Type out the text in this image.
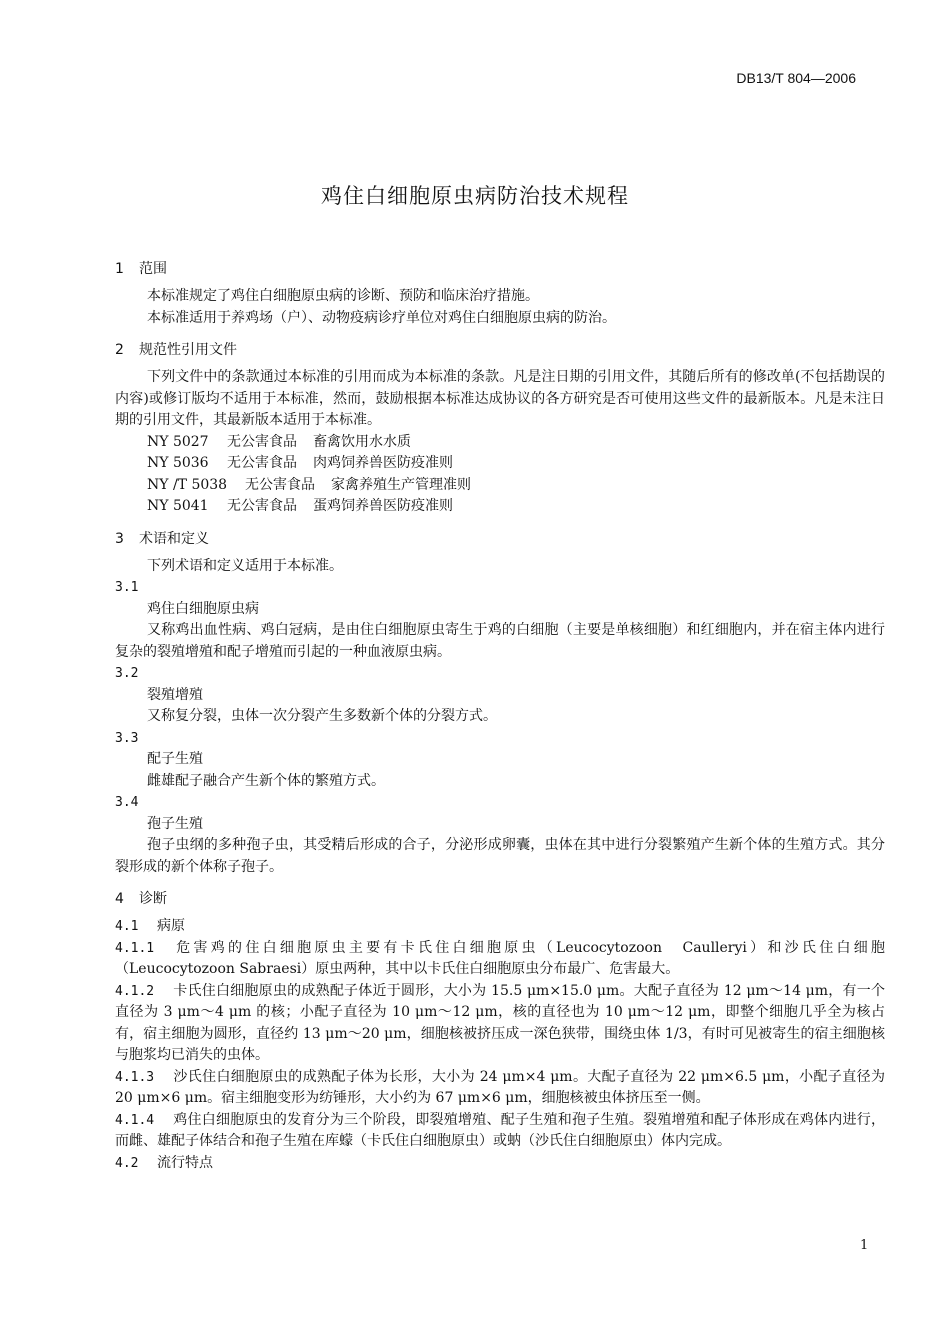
DB13/T 804—2006
鸡住白细胞原虫病防治技术规程

1 范围

本标准规定了鸡住白细胞原虫病的诊断、预防和临床治疗措施。

本标准适用于养鸡场（户）、动物疫病诊疗单位对鸡住白细胞原虫病的防治。

2 规范性引用文件

下列文件中的条款通过本标准的引用而成为本标准的条款。凡是注日期的引用文件，其随后所有的修改单(不包括勘误的内容)或修订版均不适用于本标准，然而，鼓励根据本标准达成协议的各方研究是否可使用这些文件的最新版本。凡是未注日期的引用文件，其最新版本适用于本标准。

NY 5027 无公害食品 畜禽饮用水水质

NY 5036 无公害食品 肉鸡饲养兽医防疫准则

NY /T 5038 无公害食品 家禽养殖生产管理准则

NY 5041 无公害食品 蛋鸡饲养兽医防疫准则

3 术语和定义

下列术语和定义适用于本标准。

3.1

鸡住白细胞原虫病

又称鸡出血性病、鸡白冠病，是由住白细胞原虫寄生于鸡的白细胞（主要是单核细胞）和红细胞内，并在宿主体内进行复杂的裂殖增殖和配子增殖而引起的一种血液原虫病。

3.2

裂殖增殖

又称复分裂，虫体一次分裂产生多数新个体的分裂方式。

3.3

配子生殖

雌雄配子融合产生新个体的繁殖方式。

3.4

孢子生殖

孢子虫纲的多种孢子虫，其受精后形成的合子，分泌形成卵囊，虫体在其中进行分裂繁殖产生新个体的生殖方式。其分裂形成的新个体称子孢子。

4 诊断

4.1 病原

4.1.1 危害鸡的住白细胞原虫主要有卡氏住白细胞原虫（Leucocytozoon　Caulleryi）和沙氏住白细胞（Leucocytozoon Sabraesi）原虫两种，其中以卡氏住白细胞原虫分布最广、危害最大。

4.1.2 卡氏住白细胞原虫的成熟配子体近于圆形，大小为 15.5 μm×15.0 μm。大配子直径为 12 μm～14 μm，有一个直径为 3 μm～4 μm 的核；小配子直径为 10 μm～12 μm，核的直径也为 10 μm～12 μm，即整个细胞几乎全为核占有，宿主细胞为圆形，直径约 13 μm～20 μm，细胞核被挤压成一深色狭带，围绕虫体 1/3，有时可见被寄生的宿主细胞核与胞浆均已消失的虫体。

4.1.3 沙氏住白细胞原虫的成熟配子体为长形，大小为 24 μm×4 μm。大配子直径为 22 μm×6.5 μm，小配子直径为 20 μm×6 μm。宿主细胞变形为纺锤形，大小约为 67 μm×6 μm，细胞核被虫体挤压至一侧。

4.1.4 鸡住白细胞原虫的发育分为三个阶段，即裂殖增殖、配子生殖和孢子生殖。裂殖增殖和配子体形成在鸡体内进行，而雌、雄配子体结合和孢子生殖在库蠓（卡氏住白细胞原虫）或蚋（沙氏住白细胞原虫）体内完成。

4.2 流行特点

1
